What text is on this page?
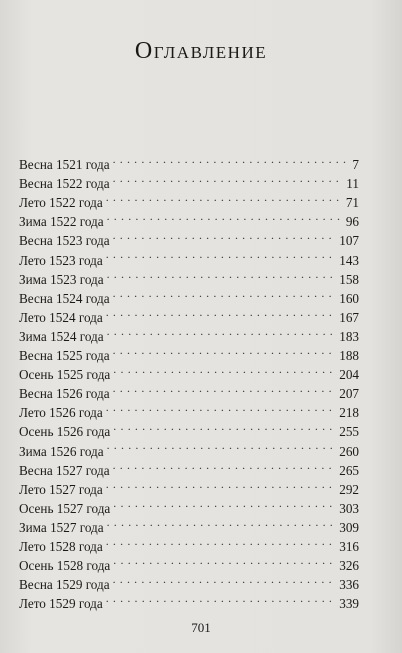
Оглавление
Весна 1521 года . . .	7
Весна 1522 года . . .	11
Лето 1522 года . . .	71
Зима 1522 года . . .	96
Весна 1523 года . . .	107
Лето 1523 года . . .	143
Зима 1523 года . . .	158
Весна 1524 года . . .	160
Лето 1524 года . . .	167
Зима 1524 года . . .	183
Весна 1525 года . . .	188
Осень 1525 года . . .	204
Весна 1526 года . . .	207
Лето 1526 года . . .	218
Осень 1526 года . . .	255
Зима 1526 года . . .	260
Весна 1527 года . . .	265
Лето 1527 года . . .	292
Осень 1527 года . . .	303
Зима 1527 года . . .	309
Лето 1528 года . . .	316
Осень 1528 года . . .	326
Весна 1529 года . . .	336
Лето 1529 года . . .	339
701
